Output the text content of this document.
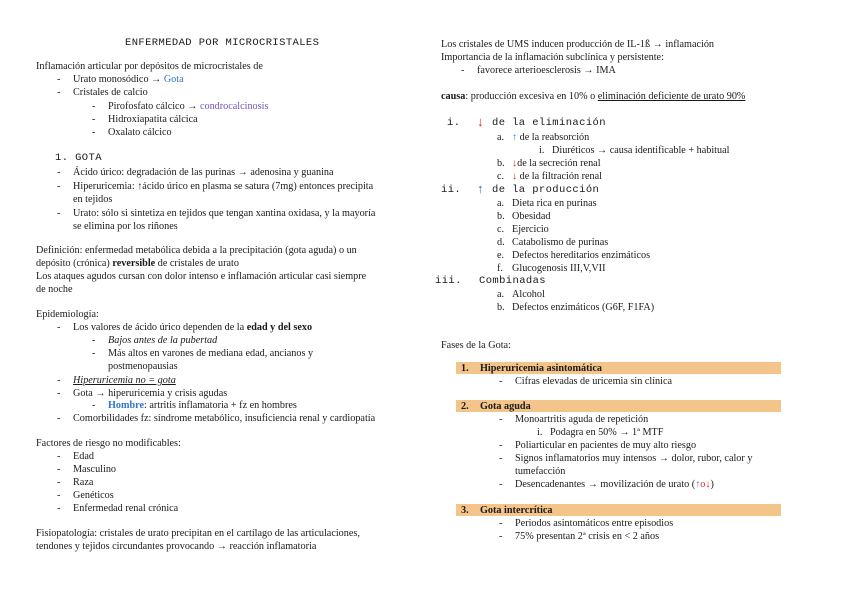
ENFERMEDAD POR MICROCRISTALES
Inflamación articular por depósitos de microcristales de
- Urato monosódico → Gota
- Cristales de calcio
- Pirofosfato cálcico → condrocalcinosis
- Hidroxiapatita cálcica
- Oxalato cálcico
1. GOTA
- Ácido úrico: degradación de las purinas → adenosina y guanina
- Hiperuricemia: ↑ácido úrico en plasma se satura (7mg) entonces precipita
en tejidos
- Urato: sólo si sintetiza en tejidos que tengan xantina oxidasa, y la mayoría
se elimina por los riñones
Definición: enfermedad metabólica debida a la precipitación (gota aguda) o un
depósito (crónica) reversible de cristales de urato
Los ataques agudos cursan con dolor intenso e inflamación articular casi siempre
de noche
Epidemiología:
- Los valores de ácido úrico dependen de la edad y del sexo
- Bajos antes de la pubertad
- Más altos en varones de mediana edad, ancianos y
postmenopausias
- Hiperuricemia no = gota
- Gota → hiperuricemia y crisis agudas
- Hombre: artritis inflamatoria + fz en hombres
- Comorbilidades fz: síndrome metabólico, insuficiencia renal y cardiopatía
Factores de riesgo no modificables:
- Edad
- Masculino
- Raza
- Genéticos
- Enfermedad renal crónica
Fisiopatología: cristales de urato precipitan en el cartílago de las articulaciones,
tendones y tejidos circundantes provocando → reacción inflamatoria
Los cristales de UMS inducen producción de IL-1ß → inflamación
Importancia de la inflamación subclínica y persistente:
- favorece arterioesclerosis → IMA
causa: producción excesiva en 10% o eliminación deficiente de urato 90%
i. ↓ de la eliminación
a. ↑ de la reabsorción
i. Diuréticos → causa identificable + habitual
b. ↓de la secreción renal
c. ↓ de la filtración renal
ii. ↑ de la producción
a. Dieta rica en purinas
b. Obesidad
c. Ejercicio
d. Catabolismo de purinas
e. Defectos hereditarios enzimáticos
f. Glucogenosis III,V,VII
iii. Combinadas
a. Alcohol
b. Defectos enzimáticos (G6F, F1FA)
Fases de la Gota:
1. Hiperuricemia asintomática
- Cifras elevadas de uricemia sin clínica
2. Gota aguda
- Monoartritis aguda de repetición
i. Podagra en 50% → 1ª MTF
- Poliarticular en pacientes de muy alto riesgo
- Signos inflamatorios muy intensos → dolor, rubor, calor y
tumefacción
- Desencadenantes → movilización de urato (↑o↓)
3. Gota intercrítica
- Periodos asintomáticos entre episodios
- 75% presentan 2ª crisis en < 2 años
